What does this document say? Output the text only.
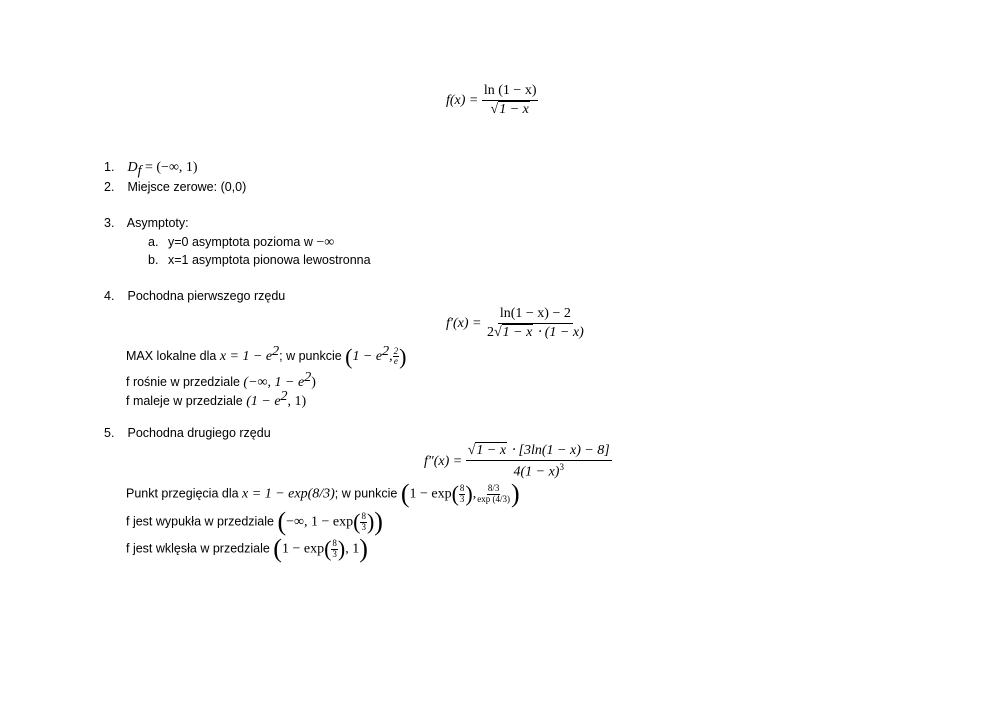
$f(x) = \frac{\ln (1 - x)}{√1 - x}$
1. $D_f$ = (−∞, 1)
2. Miejsce zerowe: (0,0)
3. Asymptoty:
a. y=0 asymptota pozioma w −∞
b. x=1 asymptota pionowa lewostronna
4. Pochodna pierwszego rzędu
$f'(x) = \frac{\ln(1 - x) - 2}{2√1 - x \cdot (1 - x)}$
MAX lokalne dla $x = 1 - e^2$; w punkcie ($1 - e^2$, $\frac{2}{e}$ )
f rośnie w przedziale (−∞, $1 - e^2$)
f maleje w przedziale ($1 - e^2$, 1)
5. Pochodna drugiego rzędu
$f''(x) = \frac{√1 - x \cdot [3\ln(1 - x) - 8]}{4(1 - x)^3}$
Punkt przegięcia dla x = 1 − exp(8/3); w punkcie ($1 - \exp( \frac{8}{3}$ ), $\frac{8/3}{\exp (4/3)}$ )
f jest wypukła w przedziale (−∞, $1 - \exp( \frac{8}{3}$ ))
f jest wklęsła w przedziale ($1 - \exp( \frac{8}{3}$ ), 1)
